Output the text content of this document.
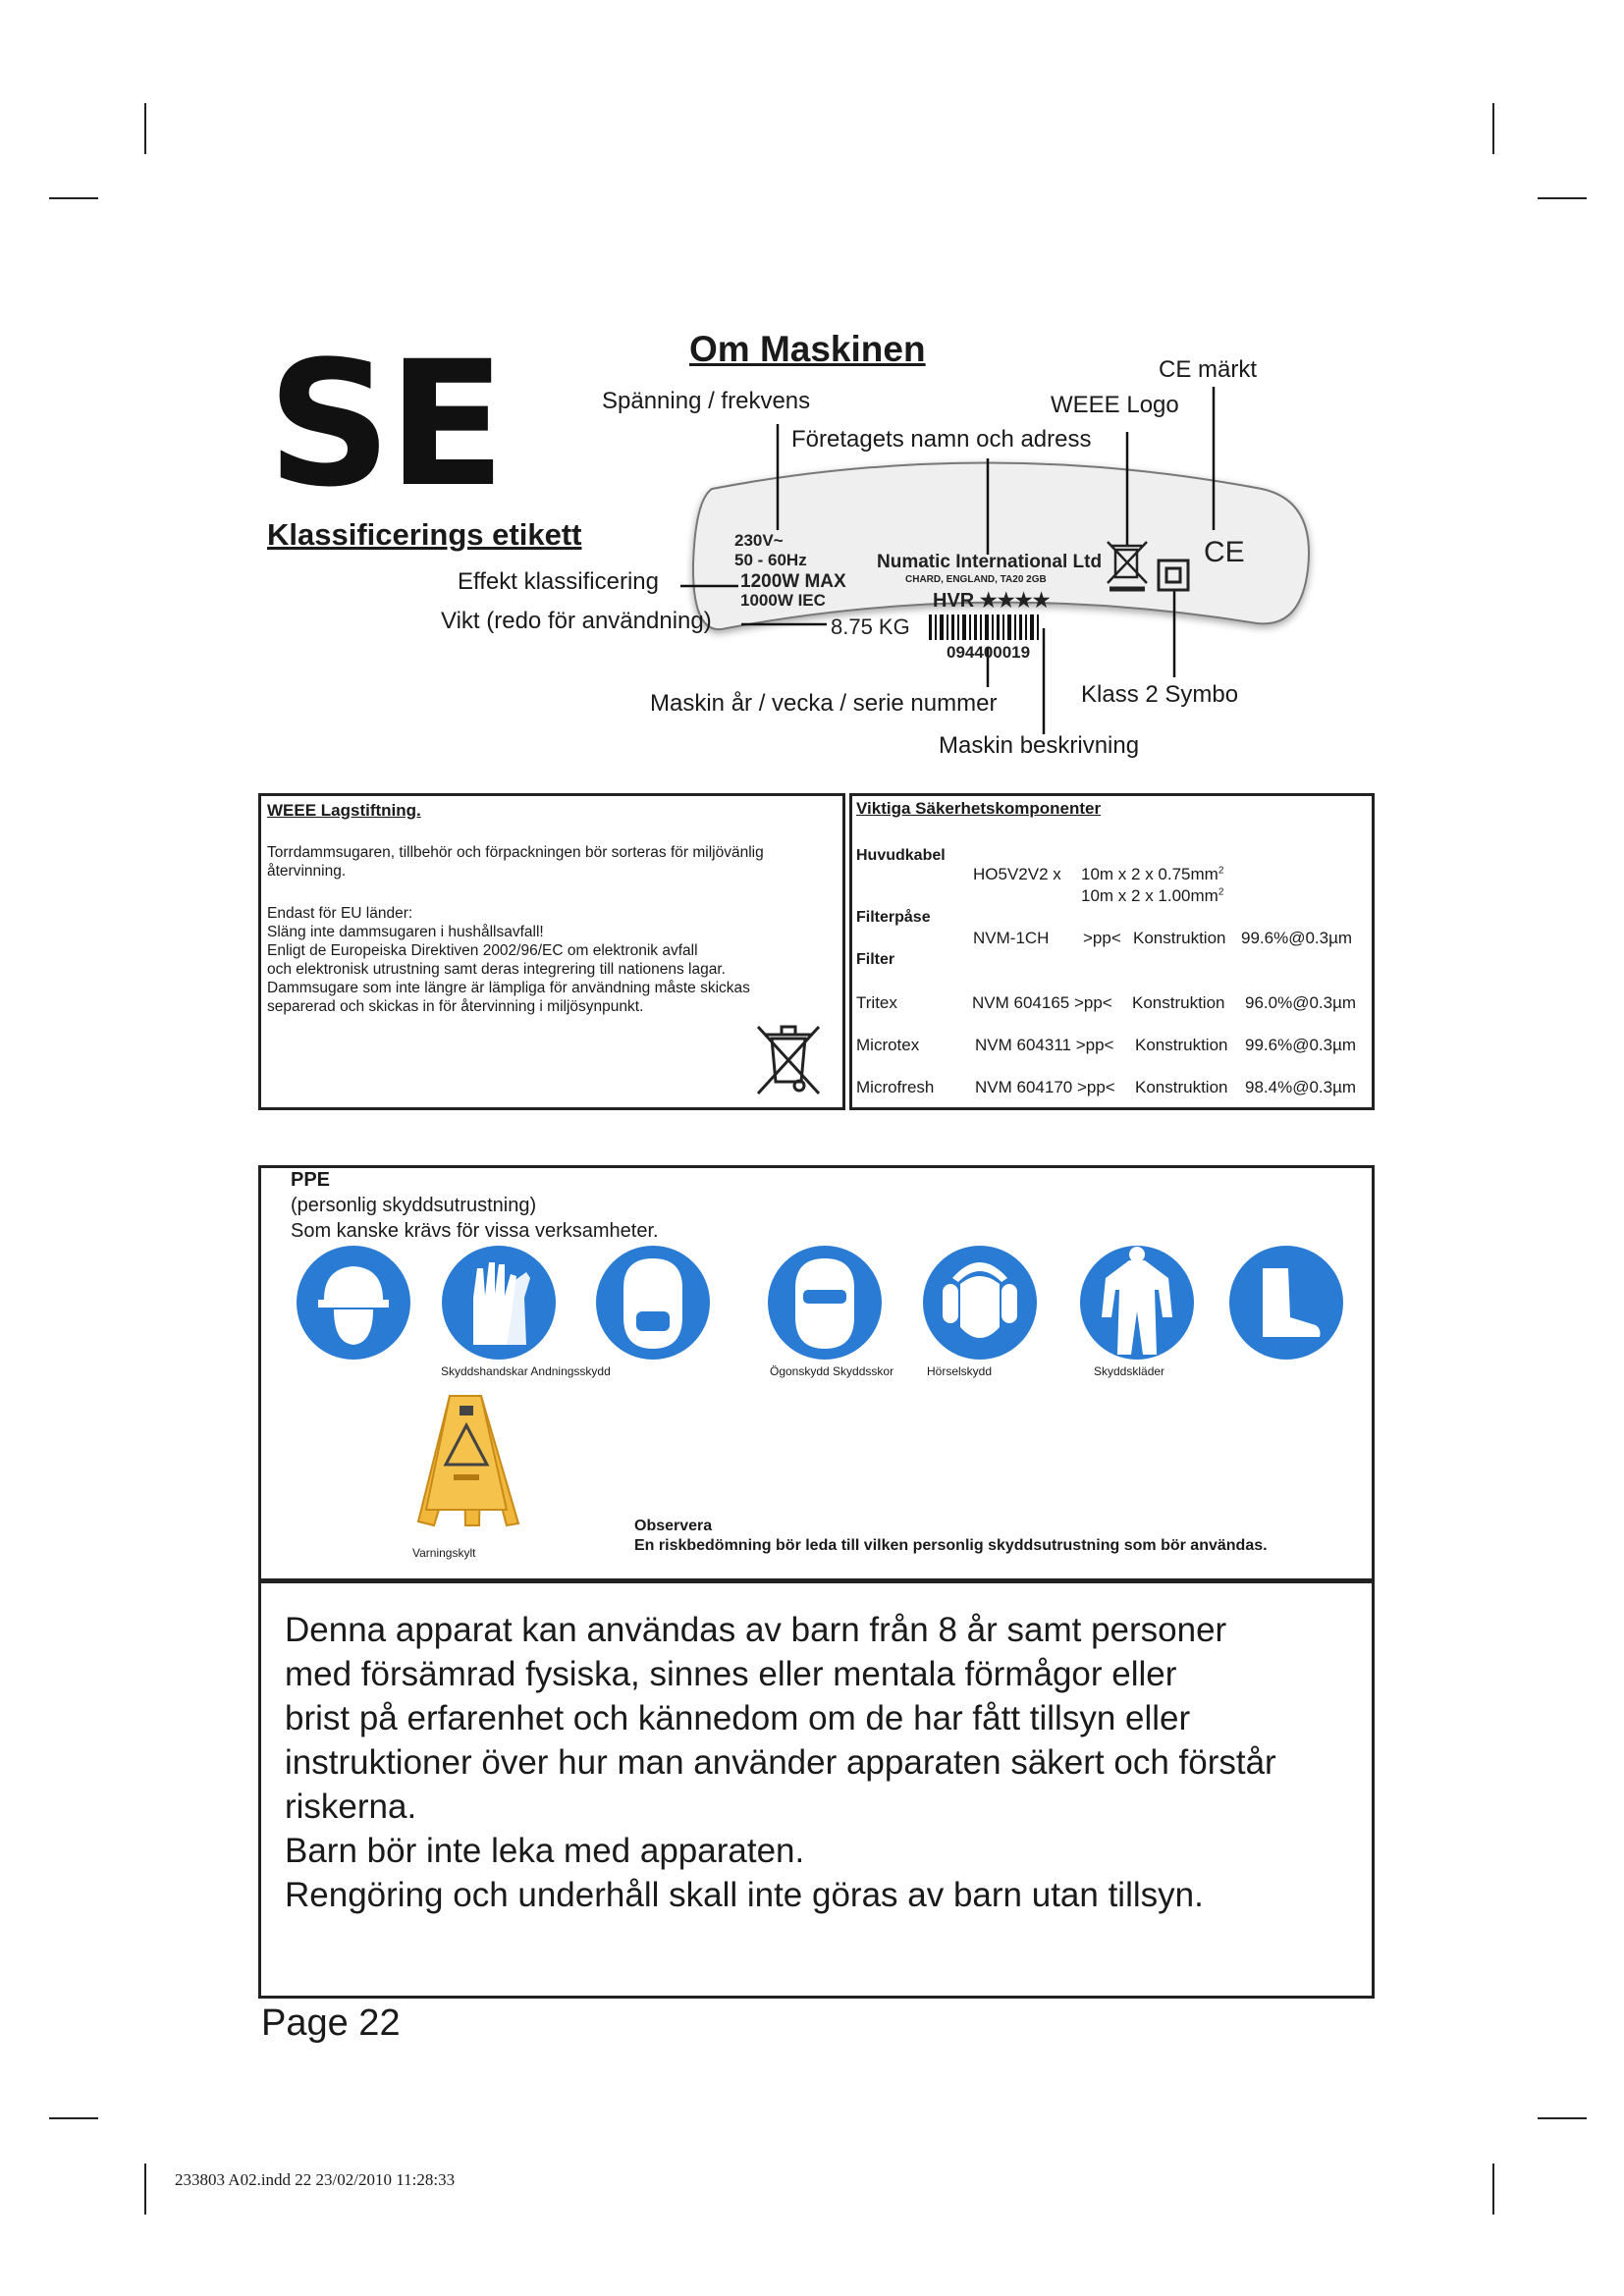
SE	Om Maskinen
Klassificerings etikett	230V~
50 - 60Hz
1200W MAX
1000W IEC
Numatic International Ltd
CHARD, ENGLAND, TA20 2GB
HVR ★★★★
094400019
CE
8.75 KG
Spänning / frekvens
Företagets namn och adress
WEEE Logo
CE märkt
Effekt klassificering
Vikt (redo för användning)
Maskin år / vecka / serie nummer	Klass 2 Symbo
Maskin beskrivning
WEEE Lagstiftning.
Torrdammsugaren, tillbehör och förpackningen bör sorteras för miljövänlig
återvinning.
Endast för EU länder:
Släng inte dammsugaren i hushållsavfall!
Enligt de Europeiska Direktiven 2002/96/EC om elektronik avfall
och elektronisk utrustning samt deras integrering till nationens lagar.
Dammsugare som inte längre är lämpliga för användning måste skickas
separerad och skickas in för återvinning i miljösynpunkt.
Viktiga Säkerhetskomponenter
Huvudkabel
HO5V2V2 x 10m x 2 x $0.75mm^2$
10m x 2 x $1.00mm^2$
Filterpåse
NVM-1CH >pp< Konstruktion 99.6%@0.3µm
Filter
Tritex	NVM 604165 >pp< Konstruktion 96.0%@0.3µm
Microtex	NVM 604311 >pp< Konstruktion 99.6%@0.3µm
Microfresh NVM 604170 >pp< Konstruktion 98.4%@0.3µm
PPE
(personlig skyddsutrustning)
Som kanske krävs för vissa verksamheter.
Skyddshandskar Andningsskydd	Ögonskydd Skyddsskor	Hörselskydd	Skyddskläder
Varningskylt
Observera
En riskbedömning bör leda till vilken personlig skyddsutrustning som bör användas.
Denna apparat kan användas av barn från 8 år samt personer
med försämrad fysiska, sinnes eller mentala förmågor eller
brist på erfarenhet och kännedom om de har fått tillsyn eller
instruktioner över hur man använder apparaten säkert och förstår
riskerna.
Barn bör inte leka med apparaten.
Rengöring och underhåll skall inte göras av barn utan tillsyn.
Page 22
233803 A02.indd 22 23/02/2010 11:28:33
